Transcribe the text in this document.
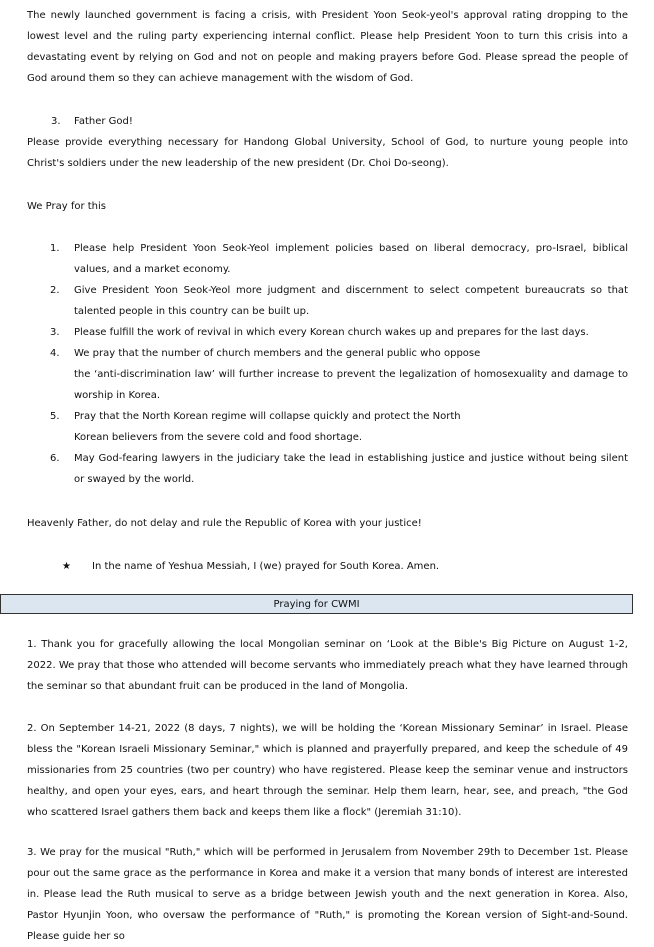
The newly launched government is facing a crisis, with President Yoon Seok-yeol's approval rating dropping to the lowest level and the ruling party experiencing internal conflict. Please help President Yoon to turn this crisis into a devastating event by relying on God and not on people and making prayers before God. Please spread the people of God around them so they can achieve management with the wisdom of God.

3. Father God!

Please provide everything necessary for Handong Global University, School of God, to nurture young people into Christ's soldiers under the new leadership of the new president (Dr. Choi Do-seong).

We Pray for this

1. Please help President Yoon Seok-Yeol implement policies based on liberal democracy, pro-Israel, biblical values, and a market economy.
2. Give President Yoon Seok-Yeol more judgment and discernment to select competent bureaucrats so that talented people in this country can be built up.
3. Please fulfill the work of revival in which every Korean church wakes up and prepares for the last days.
4. We pray that the number of church members and the general public who oppose
the ‘anti-discrimination law’ will further increase to prevent the legalization of homosexuality and damage to worship in Korea.
5. Pray that the North Korean regime will collapse quickly and protect the North
Korean believers from the severe cold and food shortage.
6. May God-fearing lawyers in the judiciary take the lead in establishing justice and justice without being silent or swayed by the world.

Heavenly Father, do not delay and rule the Republic of Korea with your justice!

★ In the name of Yeshua Messiah, I (we) prayed for South Korea. Amen.
Praying for CWMI

1. Thank you for gracefully allowing the local Mongolian seminar on ‘Look at the Bible's Big Picture on August 1-2, 2022. We pray that those who attended will become servants who immediately preach what they have learned through the seminar so that abundant fruit can be produced in the land of Mongolia.

2. On September 14-21, 2022 (8 days, 7 nights), we will be holding the ‘Korean Missionary Seminar’ in Israel. Please bless the "Korean Israeli Missionary Seminar," which is planned and prayerfully prepared, and keep the schedule of 49 missionaries from 25 countries (two per country) who have registered. Please keep the seminar venue and instructors healthy, and open your eyes, ears, and heart through the seminar. Help them learn, hear, see, and preach, "the God who scattered Israel gathers them back and keeps them like a flock" (Jeremiah 31:10).

3. We pray for the musical "Ruth," which will be performed in Jerusalem from November 29th to December 1st. Please pour out the same grace as the performance in Korea and make it a version that many bonds of interest are interested in. Please lead the Ruth musical to serve as a bridge between Jewish youth and the next generation in Korea. Also, Pastor Hyunjin Yoon, who oversaw the performance of "Ruth," is promoting the Korean version of Sight-and-Sound. Please guide her so
